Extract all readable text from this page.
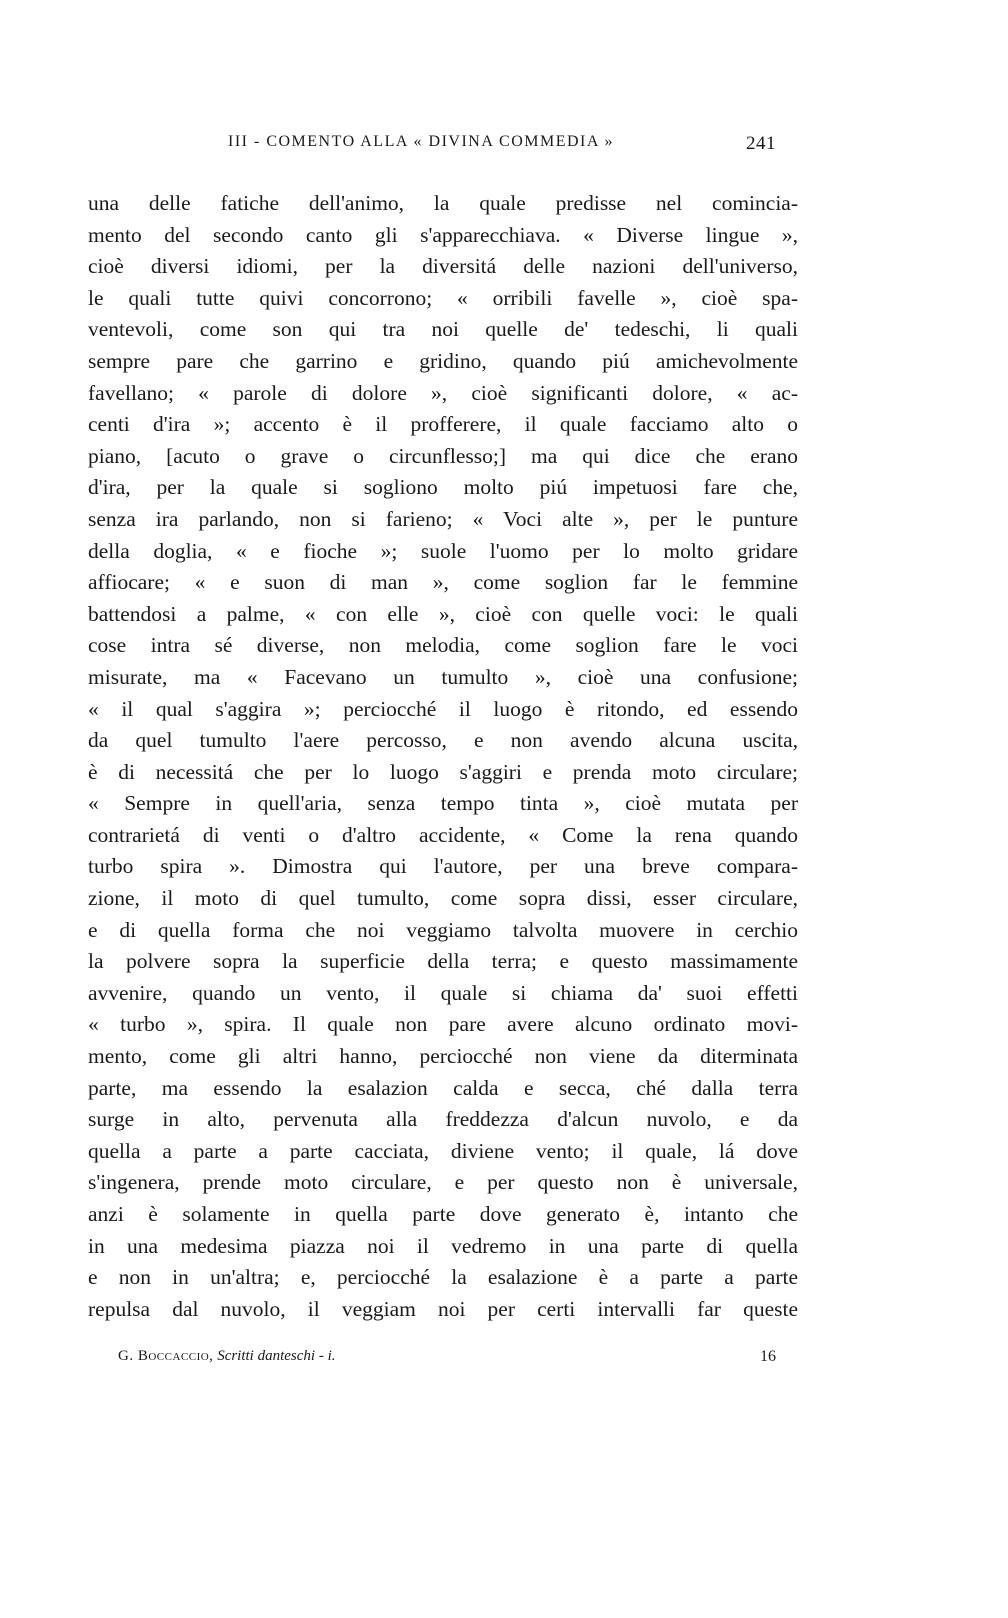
III - COMENTO ALLA « DIVINA COMMEDIA »	241
una delle fatiche dell'animo, la quale predisse nel comincia-
mento del secondo canto gli s'apparecchiava. « Diverse lingue »,
cioè diversi idiomi, per la diversitá delle nazioni dell'universo,
le quali tutte quivi concorrono; « orribili favelle », cioè spa-
ventevoli, come son qui tra noi quelle de' tedeschi, li quali
sempre pare che garrino e gridino, quando piú amichevolmente
favellano; « parole di dolore », cioè significanti dolore, « ac-
centi d'ira »; accento è il profferere, il quale facciamo alto o
piano, [acuto o grave o circunflesso;] ma qui dice che erano
d'ira, per la quale si sogliono molto piú impetuosi fare che,
senza ira parlando, non si farieno; « Voci alte », per le punture
della doglia, « e fioche »; suole l'uomo per lo molto gridare
affiocare; « e suon di man », come soglion far le femmine
battendosi a palme, « con elle », cioè con quelle voci: le quali
cose intra sé diverse, non melodia, come soglion fare le voci
misurate, ma « Facevano un tumulto », cioè una confusione;
« il qual s'aggira »; perciocché il luogo è ritondo, ed essendo
da quel tumulto l'aere percosso, e non avendo alcuna uscita,
è di necessitá che per lo luogo s'aggiri e prenda moto circulare;
« Sempre in quell'aria, senza tempo tinta », cioè mutata per
contrarietá di venti o d'altro accidente, « Come la rena quando
turbo spira ». Dimostra qui l'autore, per una breve compara-
zione, il moto di quel tumulto, come sopra dissi, esser circulare,
e di quella forma che noi veggiamo talvolta muovere in cerchio
la polvere sopra la superficie della terra; e questo massimamente
avvenire, quando un vento, il quale si chiama da' suoi effetti
« turbo », spira. Il quale non pare avere alcuno ordinato movi-
mento, come gli altri hanno, perciocché non viene da diterminata
parte, ma essendo la esalazion calda e secca, ché dalla terra
surge in alto, pervenuta alla freddezza d'alcun nuvolo, e da
quella a parte a parte cacciata, diviene vento; il quale, lá dove
s'ingenera, prende moto circulare, e per questo non è universale,
anzi è solamente in quella parte dove generato è, intanto che
in una medesima piazza noi il vedremo in una parte di quella
e non in un'altra; e, perciocché la esalazione è a parte a parte
repulsa dal nuvolo, il veggiam noi per certi intervalli far queste
G. Boccaccio, Scritti danteschi - i.	16
